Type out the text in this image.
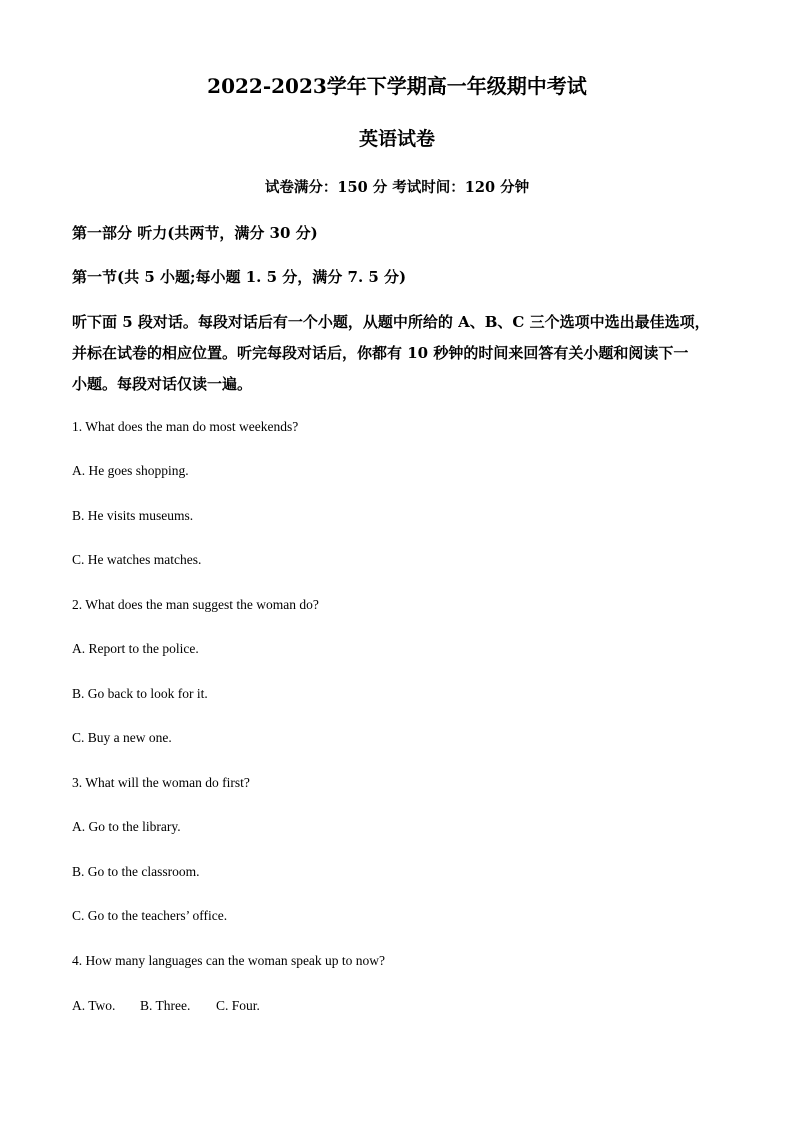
2022-2023学年下学期高一年级期中考试
英语试卷
试卷满分：150 分 考试时间：120 分钟
第一部分 听力(共两节，满分 30 分)
第一节(共 5 小题;每小题 1. 5 分，满分 7. 5 分)
听下面 5 段对话。每段对话后有一个小题，从题中所给的 A、B、C 三个选项中选出最佳选项，
并标在试卷的相应位置。听完每段对话后，你都有 10 秒钟的时间来回答有关小题和阅读下一
小题。每段对话仅读一遍。
1. What does the man do most weekends?
A. He goes shopping.
B. He visits museums.
C. He watches matches.
2. What does the man suggest the woman do?
A. Report to the police.
B. Go back to look for it.
C. Buy a new one.
3. What will the woman do first?
A. Go to the library.
B. Go to the classroom.
C. Go to the teachers’ office.
4. How many languages can the woman speak up to now?
A. Two. B. Three. C. Four.
